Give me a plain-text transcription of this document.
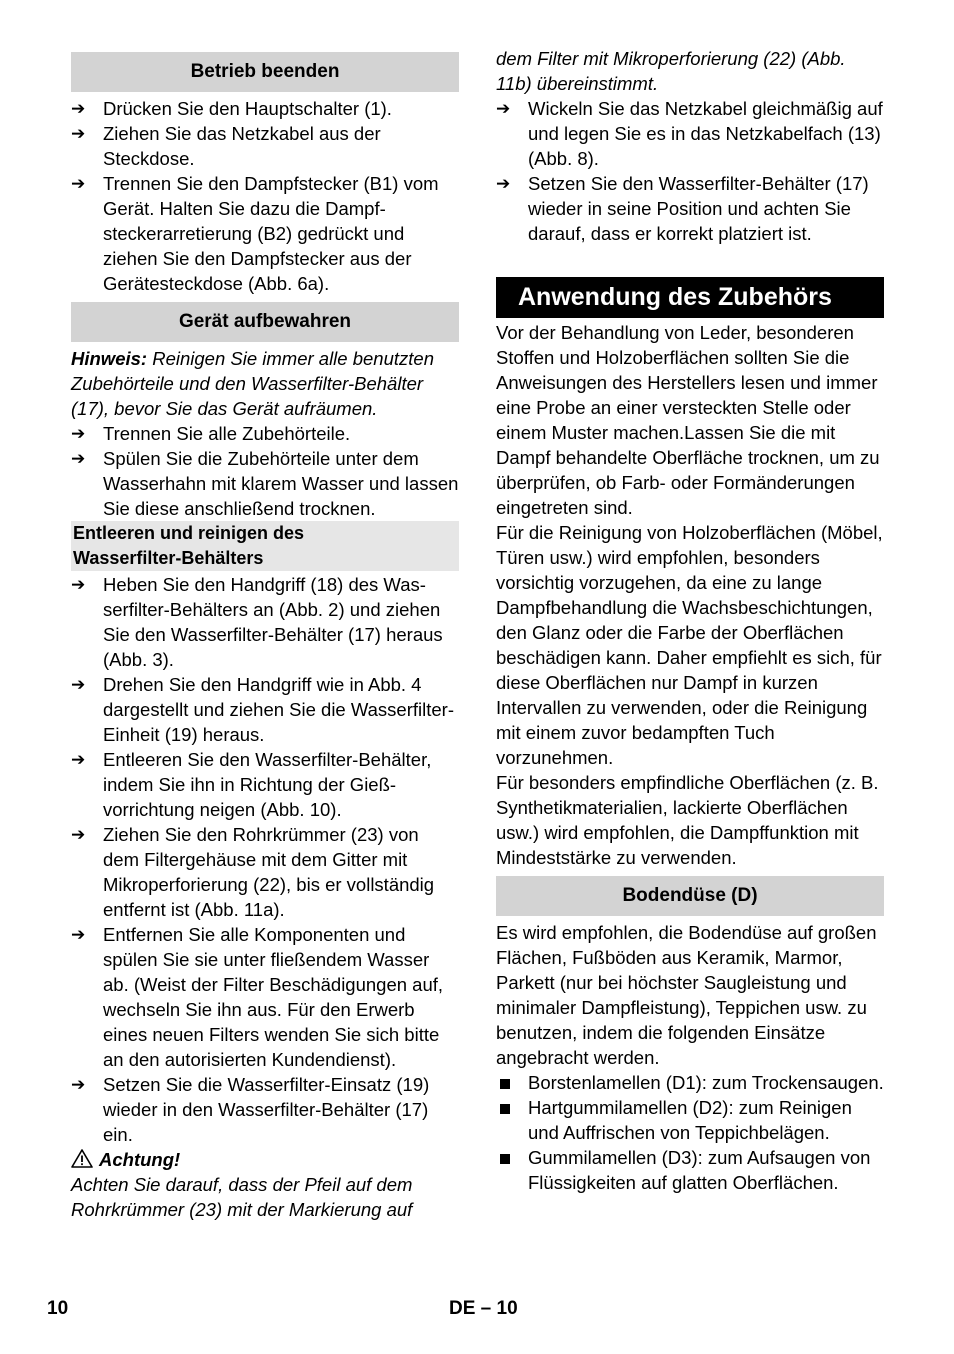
Betrieb beenden
➔ Drücken Sie den Hauptschalter (1).
➔ Ziehen Sie das Netzkabel aus der Steckdose.
➔ Trennen Sie den Dampfstecker (B1) vom Gerät. Halten Sie dazu die Dampfsteckerarretierung (B2) gedrückt und ziehen Sie den Dampfstecker aus der Gerätesteckdose (Abb. 6a).
Gerät aufbewahren
Hinweis: Reinigen Sie immer alle benutzten Zubehörteile und den Wasserfilter-Behälter (17), bevor Sie das Gerät aufräumen.
➔ Trennen Sie alle Zubehörteile.
➔ Spülen Sie die Zubehörteile unter dem Wasserhahn mit klarem Wasser und lassen Sie diese anschließend trocknen.
Entleeren und reinigen des
Wasserfilter-Behälters
➔ Heben Sie den Handgriff (18) des Wasserfilter-Behälters an (Abb. 2) und ziehen Sie den Wasserfilter-Behälter (17) heraus (Abb. 3).
➔ Drehen Sie den Handgriff wie in Abb. 4 dargestellt und ziehen Sie die Wasserfilter-Einheit (19) heraus.
➔ Entleeren Sie den Wasserfilter-Behälter, indem Sie ihn in Richtung der Gießvorrichtung neigen (Abb. 10).
➔ Ziehen Sie den Rohrkrümmer (23) von dem Filtergehäuse mit dem Gitter mit Mikroperforierung (22), bis er vollständig entfernt ist (Abb. 11a).
➔ Entfernen Sie alle Komponenten und spülen Sie sie unter fließendem Wasser ab. (Weist der Filter Beschädigungen auf, wechseln Sie ihn aus. Für den Erwerb eines neuen Filters wenden Sie sich bitte an den autorisierten Kundendienst).
➔ Setzen Sie die Wasserfilter-Einsatz (19) wieder in den Wasserfilter-Behälter (17) ein.
Achtung!
Achten Sie darauf, dass der Pfeil auf dem Rohrkrümmer (23) mit der Markierung auf
dem Filter mit Mikroperforierung (22) (Abb. 11b) übereinstimmt.
➔ Wickeln Sie das Netzkabel gleichmäßig auf und legen Sie es in das Netzkabelfach (13) (Abb. 8).
➔ Setzen Sie den Wasserfilter-Behälter (17) wieder in seine Position und achten Sie darauf, dass er korrekt platziert ist.
Anwendung des Zubehörs
Vor der Behandlung von Leder, besonderen Stoffen und Holzoberflächen sollten Sie die Anweisungen des Herstellers lesen und immer eine Probe an einer versteckten Stelle oder einem Muster machen.Lassen Sie die mit Dampf behandelte Oberfläche trocknen, um zu überprüfen, ob Farb- oder Formänderungen eingetreten sind.
Für die Reinigung von Holzoberflächen (Möbel, Türen usw.) wird empfohlen, besonders vorsichtig vorzugehen, da eine zu lange Dampfbehandlung die Wachsbeschichtungen, den Glanz oder die Farbe der Oberflächen beschädigen kann. Daher empfiehlt es sich, für diese Oberflächen nur Dampf in kurzen Intervallen zu verwenden, oder die Reinigung mit einem zuvor bedampften Tuch vorzunehmen.
Für besonders empfindliche Oberflächen (z. B. Synthetikmaterialien, lackierte Oberflächen usw.) wird empfohlen, die Dampffunktion mit Mindeststärke zu verwenden.
Bodendüse (D)
Es wird empfohlen, die Bodendüse auf großen Flächen, Fußböden aus Keramik, Marmor, Parkett (nur bei höchster Saugleistung und minimaler Dampfleistung), Teppichen usw. zu benutzen, indem die folgenden Einsätze angebracht werden.
Borstenlamellen (D1): zum Trockensaugen.
Hartgummilamellen (D2): zum Reinigen und Auffrischen von Teppichbelägen.
Gummilamellen (D3): zum Aufsaugen von Flüssigkeiten auf glatten Oberflächen.
10	DE – 10
